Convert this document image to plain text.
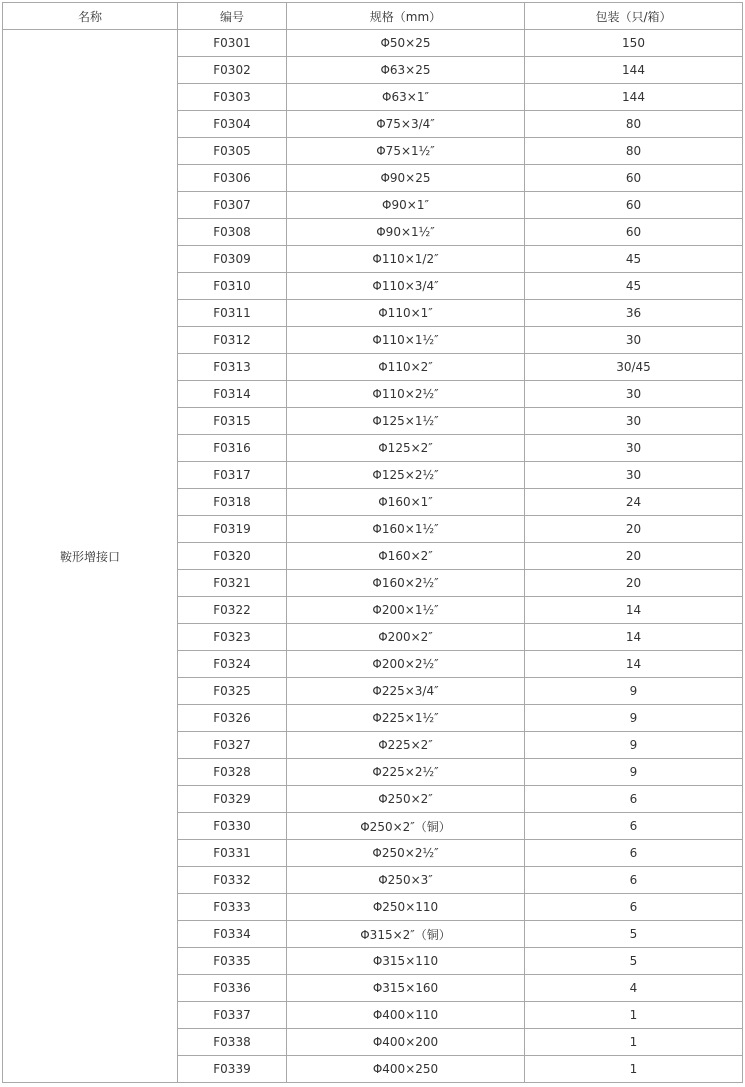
名称	编号	规格（mm）	包装（只/箱）
鞍形增接口	F0301	Φ50×25	150
	F0302	Φ63×25	144
	F0303	Φ63×1″	144
	F0304	Φ75×3/4″	80
	F0305	Φ75×1½″	80
	F0306	Φ90×25	60
	F0307	Φ90×1″	60
	F0308	Φ90×1½″	60
	F0309	Φ110×1/2″	45
	F0310	Φ110×3/4″	45
	F0311	Φ110×1″	36
	F0312	Φ110×1½″	30
	F0313	Φ110×2″	30/45
	F0314	Φ110×2½″	30
	F0315	Φ125×1½″	30
	F0316	Φ125×2″	30
	F0317	Φ125×2½″	30
	F0318	Φ160×1″	24
	F0319	Φ160×1½″	20
	F0320	Φ160×2″	20
	F0321	Φ160×2½″	20
	F0322	Φ200×1½″	14
	F0323	Φ200×2″	14
	F0324	Φ200×2½″	14
	F0325	Φ225×3/4″	9
	F0326	Φ225×1½″	9
	F0327	Φ225×2″	9
	F0328	Φ225×2½″	9
	F0329	Φ250×2″	6
	F0330	Φ250×2″（铜）	6
	F0331	Φ250×2½″	6
	F0332	Φ250×3″	6
	F0333	Φ250×110	6
	F0334	Φ315×2″（铜）	5
	F0335	Φ315×110	5
	F0336	Φ315×160	4
	F0337	Φ400×110	1
	F0338	Φ400×200	1
	F0339	Φ400×250	1
